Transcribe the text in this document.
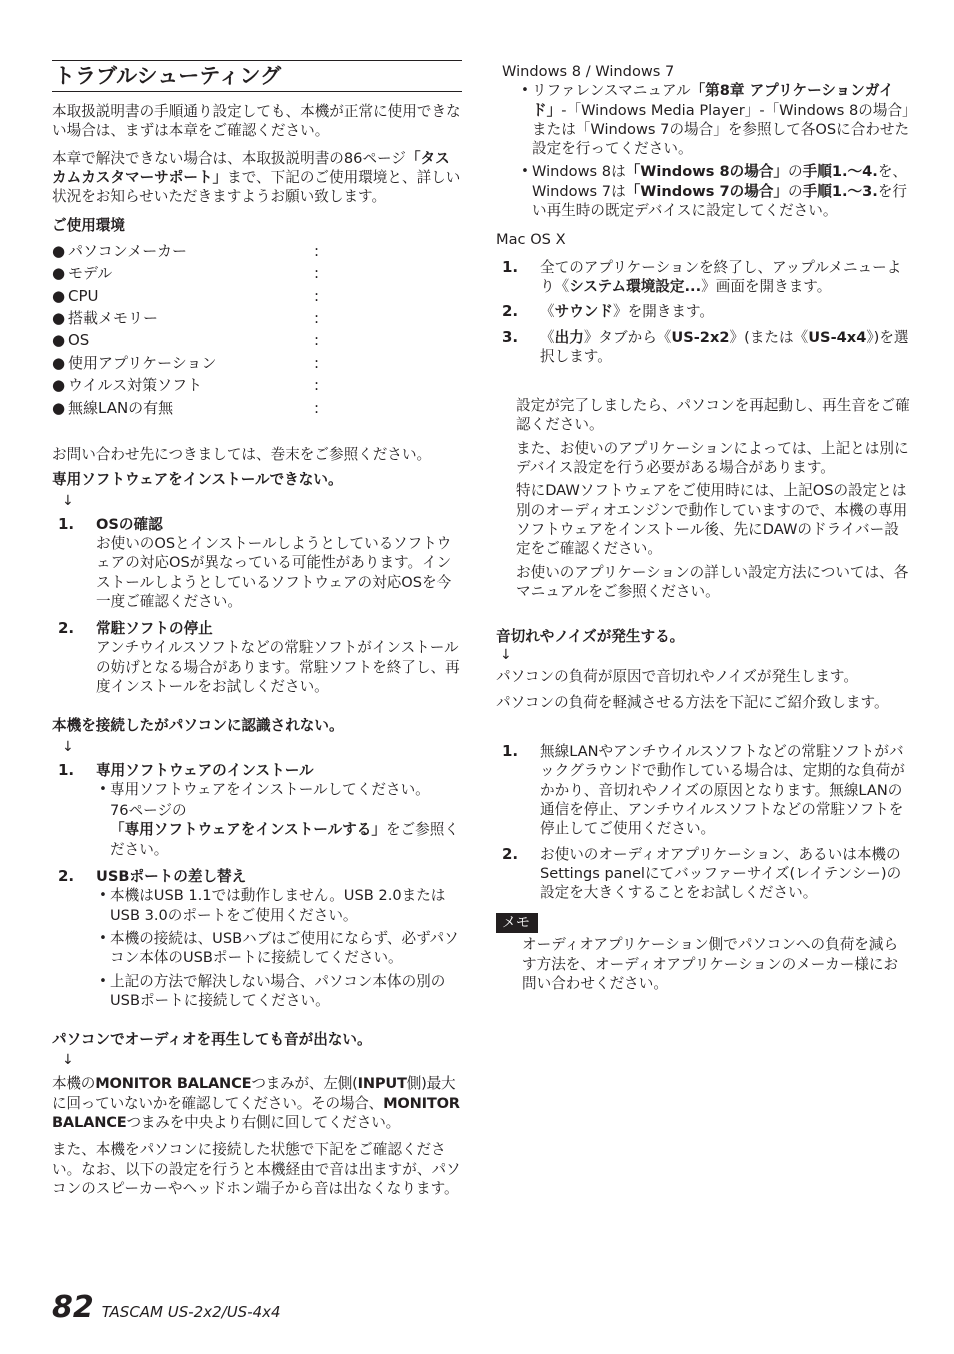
トラブルシューティング

本取扱説明書の手順通り設定しても、本機が正常に使用できない場合は、まずは本章をご確認ください。

本章で解決できない場合は、本取扱説明書の86ページ「タスカムカスタマーサポート」まで、下記のご使用環境と、詳しい状況をお知らせいただきますようお願い致します。

ご使用環境

● パソコンメーカー	:
● モデル	:
● CPU	:
● 搭載メモリー	:
● OS	:
● 使用アプリケーション	:
● ウイルス対策ソフト	:
● 無線LANの有無	:

お問い合わせ先につきましては、巻末をご参照ください。

専用ソフトウェアをインストールできない。

↓
1.	OSの確認

お使いのOSとインストールしようとしているソフトウェアの対応OSが異なっている可能性があります。インストールしようとしているソフトウェアの対応OSを今一度ご確認ください。

2.	常駐ソフトの停止

アンチウイルスソフトなどの常駐ソフトがインストールの妨げとなる場合があります。常駐ソフトを終了し、再度インストールをお試しください。

本機を接続したがパソコンに認識されない。

↓
1.	専用ソフトウェアのインストール

• 専用ソフトウェアをインストールしてください。

76ページの「専用ソフトウェアをインストールする」をご参照ください。

2.	USBポートの差し替え

• 本機はUSB 1.1では動作しません。USB 2.0またはUSB 3.0のポートをご使用ください。
• 本機の接続は、USBハブはご使用にならず、必ずパソコン本体のUSBポートに接続してください。
• 上記の方法で解決しない場合、パソコン本体の別のUSBポートに接続してください。

パソコンでオーディオを再生しても音が出ない。

↓

本機のMONITOR BALANCEつまみが、左側(INPUT側)最大に回っていないかを確認してください。その場合、MONITOR BALANCEつまみを中央より右側に回してください。

また、本機をパソコンに接続した状態で下記をご確認ください。なお、以下の設定を行うと本機経由で音は出ますが、パソコンのスピーカーやヘッドホン端子から音は出なくなります。

Windows 8 / Windows 7

• リファレンスマニュアル「第8章 アプリケーションガイド」-「Windows Media Player」-「Windows 8の場合」または「Windows 7の場合」を参照して各OSに合わせた設定を行ってください。

• Windows 8は「Windows 8の場合」の手順1.〜4.を、Windows 7は「Windows 7の場合」の手順1.〜3.を行い再生時の既定デバイスに設定してください。

Mac OS X

1.	全てのアプリケーションを終了し、アップルメニューより《システム環境設定...》画面を開きます。

2.	《サウンド》を開きます。

3.	《出力》タブから《US-2x2》(または《US-4x4》)を選択します。

設定が完了しましたら、パソコンを再起動し、再生音をご確認ください。

また、お使いのアプリケーションによっては、上記とは別にデバイス設定を行う必要がある場合があります。

特にDAWソフトウェアをご使用時には、上記OSの設定とは別のオーディオエンジンで動作していますので、本機の専用ソフトウェアをインストール後、先にDAWのドライバー設定をご確認ください。

お使いのアプリケーションの詳しい設定方法については、各マニュアルをご参照ください。

音切れやノイズが発生する。

↓

パソコンの負荷が原因で音切れやノイズが発生します。

パソコンの負荷を軽減させる方法を下記にご紹介致します。

1.	無線LANやアンチウイルスソフトなどの常駐ソフトがバックグラウンドで動作している場合は、定期的な負荷がかかり、音切れやノイズの原因となります。無線LANの通信を停止、アンチウイルスソフトなどの常駐ソフトを停止してご使用ください。

2.	お使いのオーディオアプリケーション、あるいは本機のSettings panelにてバッファーサイズ(レイテンシー)の設定を大きくすることをお試しください。

メモ

オーディオアプリケーション側でパソコンへの負荷を減らす方法を、オーディオアプリケーションのメーカー様にお問い合わせください。

82 TASCAM US-2x2/US-4x4
